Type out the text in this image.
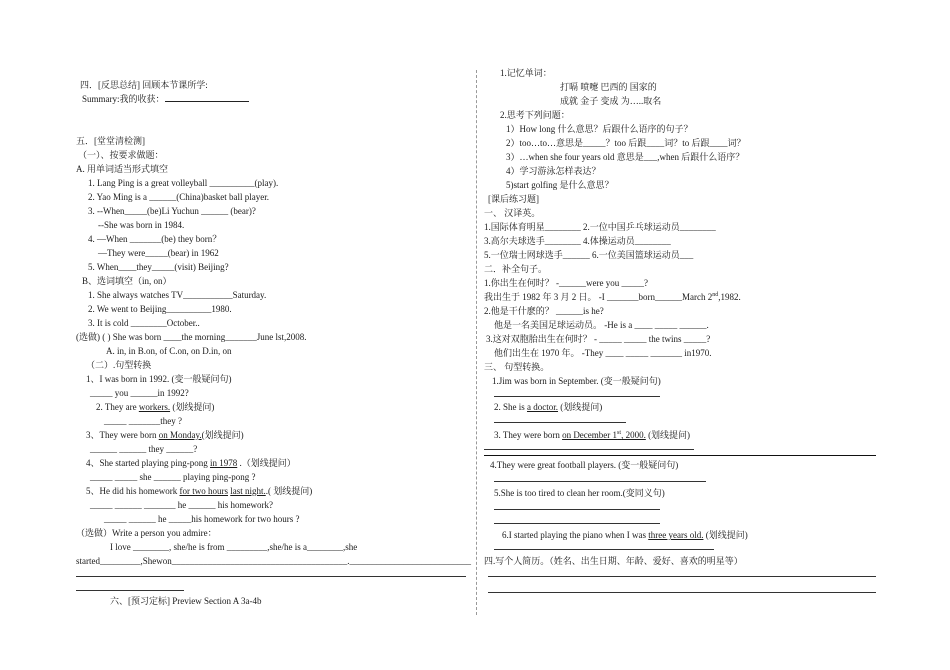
四．[反思总结] 回顾本节课所学:
Summary:我的收获：
五．[堂堂清检测]
（一）、按要求做题：
A. 用单词适当形式填空
1. Lang Ping is a great volleyball __________(play).
2. Yao Ming is a ______(China)basket ball player.
3. --When_____(be)Li Yuchun ______ (bear)?
--She was born in 1984.
4. —When _______(be) they born？
—They were_____(bear) in 1962
5. When____they_____(visit) Beijing?
B、选词填空（in, on）
1. She always watches TV___________Saturday.
2. We went to Beijing__________1980.
3. It is cold ________October..
(选做) ( ) She was born ____the morning_______June lst,2008.
A. in, in B.on, of C.on, on D.in, on
（二）.句型转换
1、I was born in 1992. (变一般疑问句)
_____ you ______in 1992?
2. They are workers. (划线提问)
_____ _______they ?
3、They were born on Monday.(划线提问)
______ ______ they ______?
4、She started playing ping-pong in 1978 .（划线提问）
_____ _____ she ______ playing ping-pong ?
5、He did his homework for two hours last night..( 划线提问)
_____ ______ _______ he ______ his homework?
_____ ______ he _____his homework for two hours ?
（选做）Write a person you admire：
I love ________, she/he is from _________,she/he is a________,she
started_________,Shewon_______________________________________.___________________________
六、[预习定标] Preview Section A 3a-4b
1.记忆单词：
打嗝 喷嚏 巴西的 国家的
成就 金子 变成 为…..取名
2.思考下列问题：
1）How long 什么意思？后跟什么语序的句子？
2）too…to…意思是_____？too 后跟____词？to 后跟____词？
3）…when she four years old 意思是___,when 后跟什么语序？
4）学习游泳怎样表达？
5)start golfing 是什么意思？
[课后练习题]
一、 汉译英。
1.国际体育明星________ 2.一位中国乒乓球运动员________
3.高尔夫球选手________ 4.体操运动员________
5.一位瑞士网球选手______ 6.一位美国篮球运动员___
二．补全句子。
1.你出生在何时？ -______were you _____?
我出生于 1982 年 3 月 2 日。 -I _______born______March 2nd,1982.
2.他是干什麽的？ ______is he?
他是一名美国足球运动员。 -He is a ____ _____ ______.
3.这对双胞胎出生在何时？ - _____ _____ the twins _____?
他们出生在 1970 年。 -They ____ _____ _______ in1970.
三、 句型转换。
1.Jim was born in September. (变一般疑问句)
2. She is a doctor. (划线提问)
3. They were born on December 1st, 2000. (划线提问)
4.They were great football players. (变一般疑问句)
5.She is too tired to clean her room.(变同义句)
6.I started playing the piano when I was three years old. (划线提问)
四.写个人简历。（姓名、出生日期、年龄、爱好、喜欢的明星等）
